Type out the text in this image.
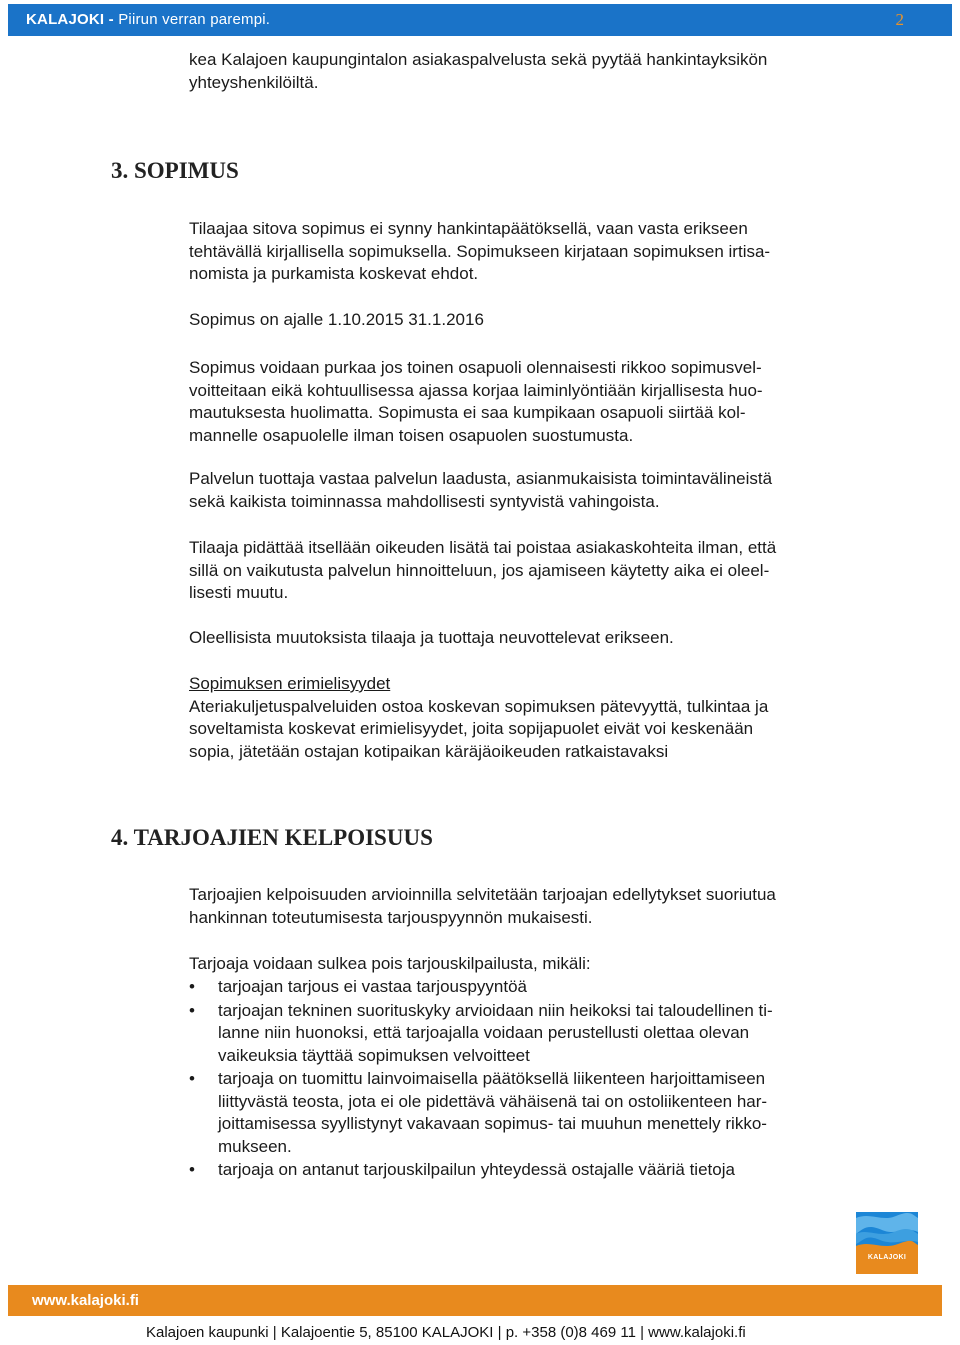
KALAJOKI - Piirun verran parempi.	2

kea Kalajoen kaupungintalon asiakaspalvelusta sekä pyytää hankintayksikön
yhteyshenkilöiltä.

3. SOPIMUS

Tilaajaa sitova sopimus ei synny hankintapäätöksellä, vaan vasta erikseen
tehtävällä kirjallisella sopimuksella. Sopimukseen kirjataan sopimuksen irtisa-
nomista ja purkamista koskevat ehdot.

Sopimus on ajalle 1.10.2015 31.1.2016

Sopimus voidaan purkaa jos toinen osapuoli olennaisesti rikkoo sopimusvel-
voitteitaan eikä kohtuullisessa ajassa korjaa laiminlyöntiään kirjallisesta huo-
mautuksesta huolimatta. Sopimusta ei saa kumpikaan osapuoli siirtää kol-
mannelle osapuolelle ilman toisen osapuolen suostumusta.

Palvelun tuottaja vastaa palvelun laadusta, asianmukaisista toimintavälineistä
sekä kaikista toiminnassa mahdollisesti syntyvistä vahingoista.

Tilaaja pidättää itsellään oikeuden lisätä tai poistaa asiakaskohteita ilman, että
sillä on vaikutusta palvelun hinnoitteluun, jos ajamiseen käytetty aika ei oleel-
lisesti muutu.

Oleellisista muutoksista tilaaja ja tuottaja neuvottelevat erikseen.

Sopimuksen erimielisyydet
Ateriakuljetuspalveluiden ostoa koskevan sopimuksen pätevyyttä, tulkintaa ja
soveltamista koskevat erimielisyydet, joita sopijapuolet eivät voi keskenään
sopia, jätetään ostajan kotipaikan käräjäoikeuden ratkaistavaksi

4. TARJOAJIEN KELPOISUUS

Tarjoajien kelpoisuuden arvioinnilla selvitetään tarjoajan edellytykset suoriutua
hankinnan toteutumisesta tarjouspyynnön mukaisesti.

Tarjoaja voidaan sulkea pois tarjouskilpailusta, mikäli:

• tarjoajan tarjous ei vastaa tarjouspyyntöä
• tarjoajan tekninen suorituskyky arvioidaan niin heikoksi tai taloudellinen ti-
lanne niin huonoksi, että tarjoajalla voidaan perustellusti olettaa olevan
vaikeuksia täyttää sopimuksen velvoitteet
• tarjoaja on tuomittu lainvoimaisella päätöksellä liikenteen harjoittamiseen
liittyvästä teosta, jota ei ole pidettävä vähäisenä tai on ostoliikenteen har-
joittamisessa syyllistynyt vakavaan sopimus- tai muuhun menettely rikko-
mukseen.
• tarjoaja on antanut tarjouskilpailun yhteydessä ostajalle vääriä tietoja
KALAJOKI
www.kalajoki.fi
Kalajoen kaupunki | Kalajoentie 5, 85100 KALAJOKI | p. +358 (0)8 469 11 | www.kalajoki.fi
